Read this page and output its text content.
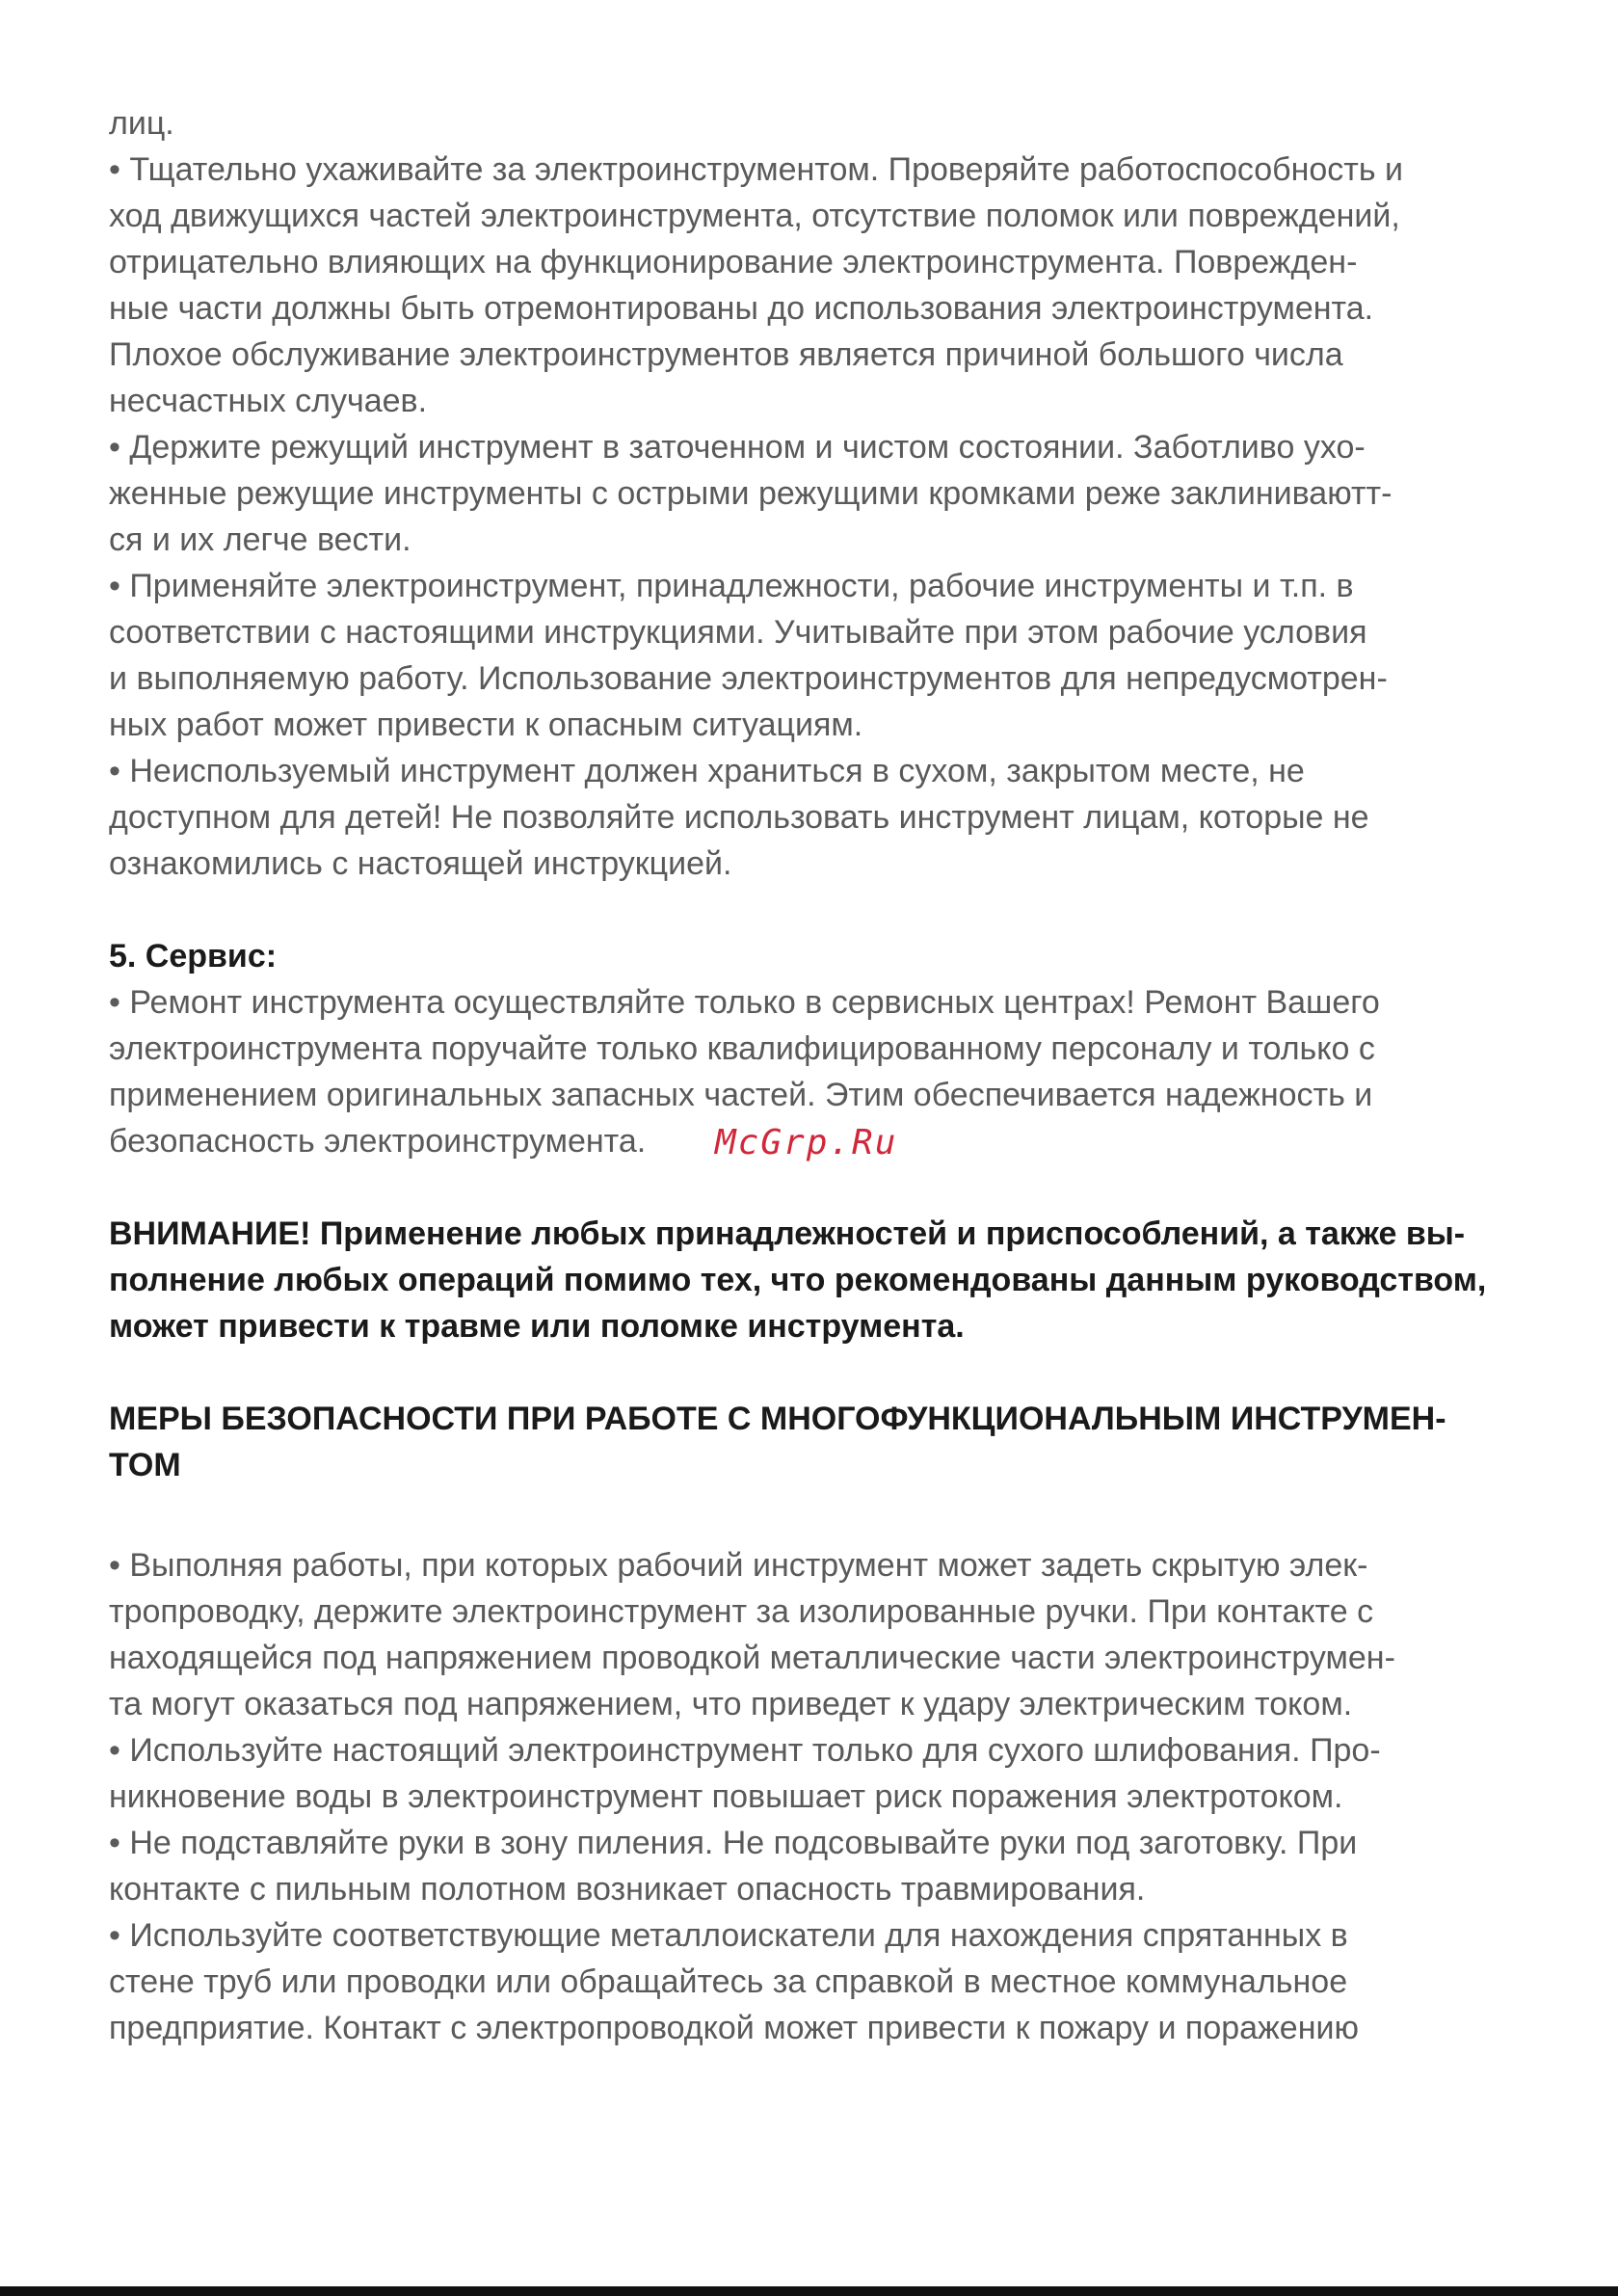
лиц.
• Тщательно ухаживайте за электроинструментом. Проверяйте работоспособность и
ход движущихся частей электроинструмента, отсутствие поломок или повреждений,
отрицательно влияющих на функционирование электроинструмента. Поврежден-
ные части должны быть отремонтированы до использования электроинструмента.
Плохое обслуживание электроинструментов является причиной большого числа
несчастных случаев.
• Держите режущий инструмент в заточенном и чистом состоянии. Заботливо ухо-
женные режущие инструменты с острыми режущими кромками реже заклиниваютт-
ся и их легче вести.
• Применяйте электроинструмент, принадлежности, рабочие инструменты и т.п. в
соответствии с настоящими инструкциями. Учитывайте при этом рабочие условия
и выполняемую работу. Использование электроинструментов для непредусмотрен-
ных работ может привести к опасным ситуациям.
• Неиспользуемый инструмент должен храниться в сухом, закрытом месте, не
доступном для детей! Не позволяйте использовать инструмент лицам, которые не
ознакомились с настоящей инструкцией.
5. Сервис:
• Ремонт инструмента осуществляйте только в сервисных центрах! Ремонт Вашего
электроинструмента поручайте только квалифицированному персоналу и только с
применением оригинальных запасных частей. Этим обеспечивается надежность и
безопасность электроинструмента.
ВНИМАНИЕ! Применение любых принадлежностей и приспособлений, а также вы-
полнение любых операций помимо тех, что рекомендованы данным руководством,
может привести к травме или поломке инструмента.
МЕРЫ БЕЗОПАСНОСТИ ПРИ РАБОТЕ С МНОГОФУНКЦИОНАЛЬНЫМ ИНСТРУМЕН-
ТОМ
• Выполняя работы, при которых рабочий инструмент может задеть скрытую элек-
тропроводку, держите электроинструмент за изолированные ручки. При контакте с
находящейся под напряжением проводкой металлические части электроинструмен-
та могут оказаться под напряжением, что приведет к удару электрическим током.
• Используйте настоящий электроинструмент только для сухого шлифования. Про-
никновение воды в электроинструмент повышает риск поражения электротоком.
• Не подставляйте руки в зону пиления. Не подсовывайте руки под заготовку. При
контакте с пильным полотном возникает опасность травмирования.
• Используйте соответствующие металлоискатели для нахождения спрятанных в
стене труб или проводки или обращайтесь за справкой в местное коммунальное
предприятие. Контакт с электропроводкой может привести к пожару и поражению
McGrp.Ru
